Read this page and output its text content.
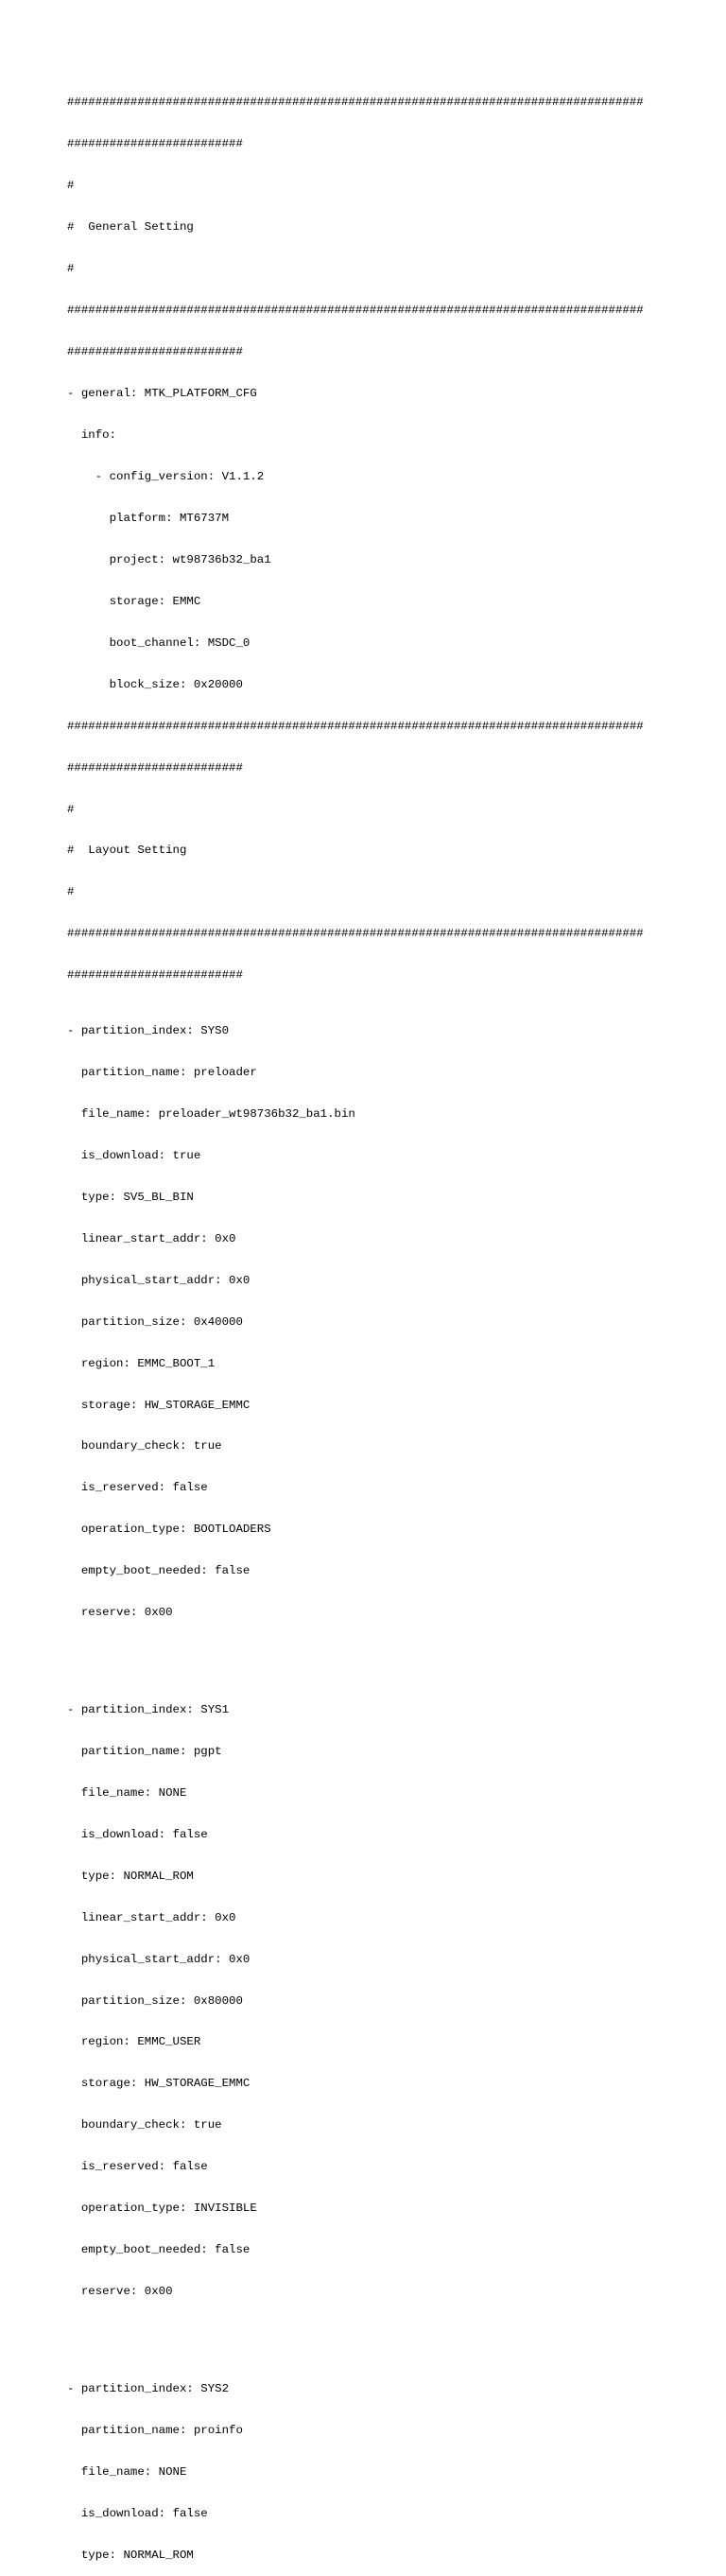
##################################################################################

#########################

#

#  General Setting

#

##################################################################################

#########################

- general: MTK_PLATFORM_CFG

info:

- config_version: V1.1.2

platform: MT6737M

project: wt98736b32_ba1

storage: EMMC

boot_channel: MSDC_0

block_size: 0x20000

##################################################################################

#########################

#

#  Layout Setting

#

##################################################################################

#########################

- partition_index: SYS0

partition_name: preloader

file_name: preloader_wt98736b32_ba1.bin

is_download: true

type: SV5_BL_BIN

linear_start_addr: 0x0

physical_start_addr: 0x0

partition_size: 0x40000

region: EMMC_BOOT_1

storage: HW_STORAGE_EMMC

boundary_check: true

is_reserved: false

operation_type: BOOTLOADERS

empty_boot_needed: false

reserve: 0x00

- partition_index: SYS1

partition_name: pgpt

file_name: NONE

is_download: false

type: NORMAL_ROM

linear_start_addr: 0x0

physical_start_addr: 0x0

partition_size: 0x80000

region: EMMC_USER

storage: HW_STORAGE_EMMC

boundary_check: true

is_reserved: false

operation_type: INVISIBLE

empty_boot_needed: false

reserve: 0x00

- partition_index: SYS2

partition_name: proinfo

file_name: NONE

is_download: false

type: NORMAL_ROM
